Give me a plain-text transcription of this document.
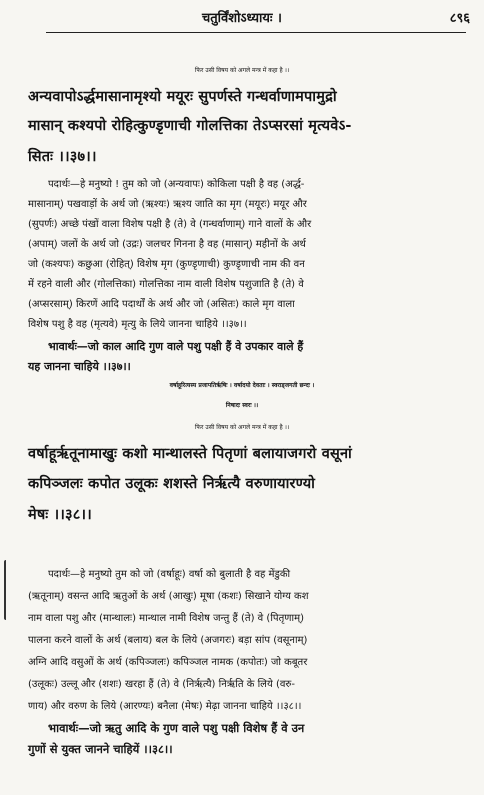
चतुर्विंशोऽध्यायः ।	८९६
फिर उसी विषय को अगले मन्त्र में कहा है ।।
अन्यवापोऽर्द्धमासानामृश्यो मयूरः सुपर्णस्ते गन्धर्वाणामपामुद्रो
मासान् कश्यपो रोहित्कुण्डृणाची गोलत्तिका तेऽप्सरसां मृत्यवेऽ-
सितः ।।३७।।
पदार्थः—हे मनुष्यो ! तुम को जो (अन्यवापः) कोकिला पक्षी है वह (अर्द्ध-
मासानाम्) पखवाड़ों के अर्थ जो (ऋश्यः) ऋश्य जाति का मृग (मयूरः) मयूर और
(सुपर्णः) अच्छे पंखों वाला विशेष पक्षी है (ते) वे (गन्धर्वाणाम्) गाने वालों के और
(अपाम्) जलों के अर्थ जो (उद्रः) जलचर गिनना है वह (मासान्) महीनों के अर्थ
जो (कश्यपः) कछुआ (रोहित्) विशेष मृग (कुण्डृणाची) कुण्डृणाची नाम की वन
में रहने वाली और (गोलत्तिका) गोलत्तिका नाम वाली विशेष पशुजाति है (ते) वे
(अप्सरसाम्) किरणें आदि पदार्थों के अर्थ और जो (असितः) काले मृग वाला
विशेष पशु है वह (मृत्यवे) मृत्यु के लिये जानना चाहिये ।।३७।।
भावार्थः—जो काल आदि गुण वाले पशु पक्षी हैं वे उपकार वाले हैं
यह जानना चाहिये ।।३७।।
वर्षाहूरित्यस्य प्रजापतिर्ऋषिः । वर्षादयो देवताः । स्वराड्जगती छन्दः ।
निषादः स्वरः ।।
फिर उसी विषय को अगले मन्त्र में कहा है ।।
वर्षाहूर्ऋतूनामाखुः कशो मान्थालस्ते पितृणां बलायाजगरो वसूनां
कपिञ्जलः कपोत उलूकः शशस्ते निर्ऋत्यै वरुणायारण्यो
मेषः ।।३८।।
पदार्थः—हे मनुष्यो तुम को जो (वर्षाहूः) वर्षा को बुलाती है वह मेंडुकी
(ऋतूनाम्) वसन्त आदि ऋतुओं के अर्थ (आखुः) मूषा (कशः) सिखाने योग्य कश
नाम वाला पशु और (मान्थालः) मान्थाल नामी विशेष जन्तु हैं (ते) वे (पितृणाम्)
पालना करने वालों के अर्थ (बलाय) बल के लिये (अजगरः) बड़ा सांप (वसूनाम्)
अग्नि आदि वसुओं के अर्थ (कपिञ्जलः) कपिञ्जल नामक (कपोतः) जो कबूतर
(उलूकः) उल्लू और (शशः) खरहा हैं (ते) वे (निर्ऋत्यै) निर्ऋति के लिये (वरु-
णाय) और वरुण के लिये (आरण्यः) बनैला (मेषः) मेढ़ा जानना चाहिये ।।३८।।
भावार्थः—जो ऋतु आदि के गुण वाले पशु पक्षी विशेष हैं वे उन
गुणों से युक्त जानने चाहियें ।।३८।।
